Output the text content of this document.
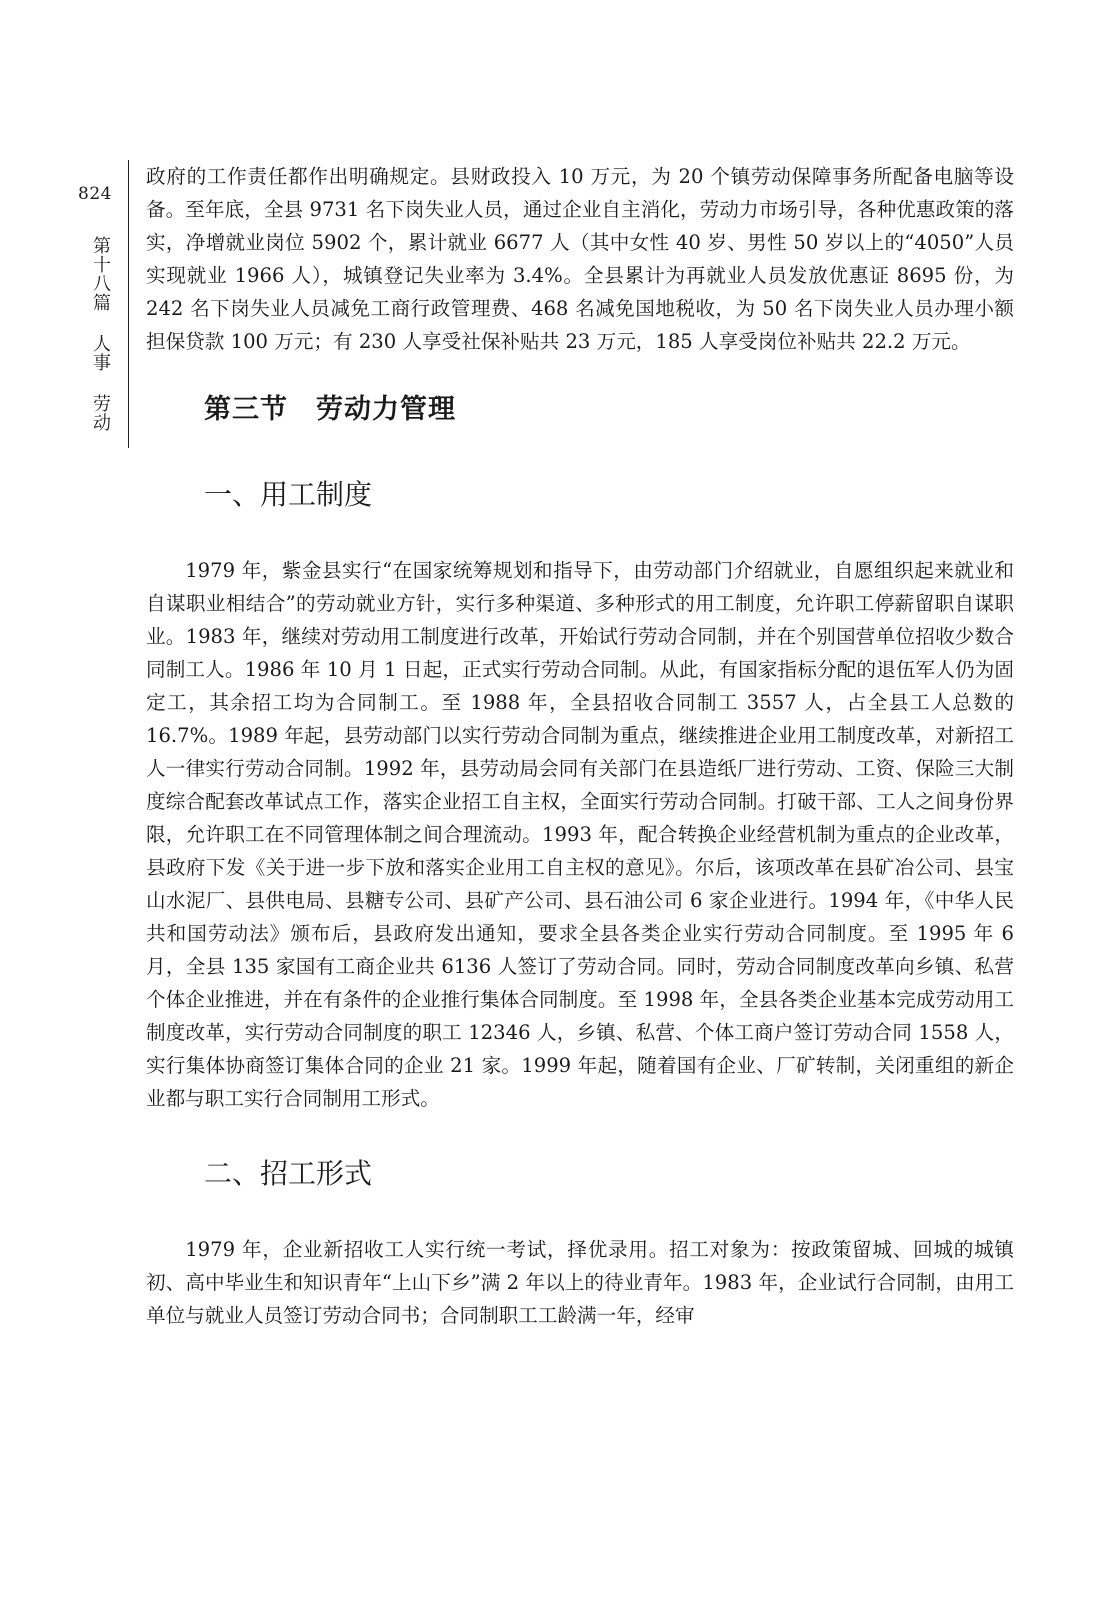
824
第十八篇 人事 劳动

政府的工作责任都作出明确规定。县财政投入 10 万元，为 20 个镇劳动保障事务所配备电脑等设备。至年底，全县 9731 名下岗失业人员，通过企业自主消化，劳动力市场引导，各种优惠政策的落实，净增就业岗位 5902 个，累计就业 6677 人（其中女性 40 岁、男性 50 岁以上的“4050”人员实现就业 1966 人），城镇登记失业率为 3.4%。全县累计为再就业人员发放优惠证 8695 份，为 242 名下岗失业人员减免工商行政管理费、468 名减免国地税收，为 50 名下岗失业人员办理小额担保贷款 100 万元；有 230 人享受社保补贴共 23 万元，185 人享受岗位补贴共 22.2 万元。

第三节 劳动力管理
一、用工制度

1979 年，紫金县实行“在国家统筹规划和指导下，由劳动部门介绍就业，自愿组织起来就业和自谋职业相结合”的劳动就业方针，实行多种渠道、多种形式的用工制度，允许职工停薪留职自谋职业。1983 年，继续对劳动用工制度进行改革，开始试行劳动合同制，并在个别国营单位招收少数合同制工人。1986 年 10 月 1 日起，正式实行劳动合同制。从此，有国家指标分配的退伍军人仍为固定工，其余招工均为合同制工。至 1988 年，全县招收合同制工 3557 人，占全县工人总数的 16.7%。1989 年起，县劳动部门以实行劳动合同制为重点，继续推进企业用工制度改革，对新招工人一律实行劳动合同制。1992 年，县劳动局会同有关部门在县造纸厂进行劳动、工资、保险三大制度综合配套改革试点工作，落实企业招工自主权，全面实行劳动合同制。打破干部、工人之间身份界限，允许职工在不同管理体制之间合理流动。1993 年，配合转换企业经营机制为重点的企业改革，县政府下发《关于进一步下放和落实企业用工自主权的意见》。尔后，该项改革在县矿冶公司、县宝山水泥厂、县供电局、县糖专公司、县矿产公司、县石油公司 6 家企业进行。1994 年，《中华人民共和国劳动法》颁布后，县政府发出通知，要求全县各类企业实行劳动合同制度。至 1995 年 6 月，全县 135 家国有工商企业共 6136 人签订了劳动合同。同时，劳动合同制度改革向乡镇、私营个体企业推进，并在有条件的企业推行集体合同制度。至 1998 年，全县各类企业基本完成劳动用工制度改革，实行劳动合同制度的职工 12346 人，乡镇、私营、个体工商户签订劳动合同 1558 人，实行集体协商签订集体合同的企业 21 家。1999 年起，随着国有企业、厂矿转制，关闭重组的新企业都与职工实行合同制用工形式。

二、招工形式

1979 年，企业新招收工人实行统一考试，择优录用。招工对象为：按政策留城、回城的城镇初、高中毕业生和知识青年“上山下乡”满 2 年以上的待业青年。1983 年，企业试行合同制，由用工单位与就业人员签订劳动合同书；合同制职工工龄满一年，经审
